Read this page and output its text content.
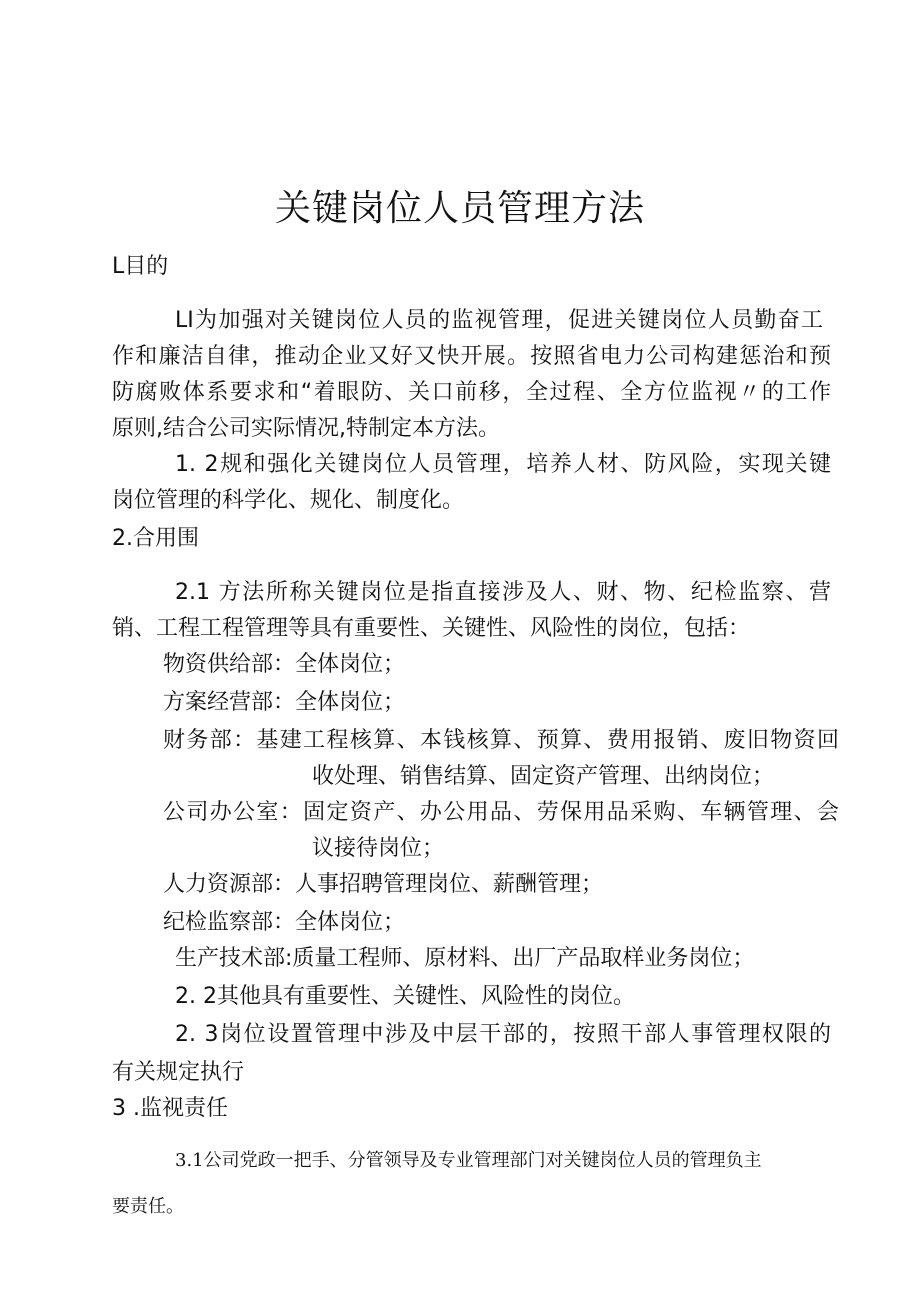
关键岗位人员管理方法
L目的
LI为加强对关键岗位人员的监视管理，促进关键岗位人员勤奋工
作和廉洁自律，推动企业又好又快开展。按照省电力公司构建惩治和预
防腐败体系要求和“着眼防、关口前移，全过程、全方位监视〃的工作
原则,结合公司实际情况,特制定本方法。
1. 2规和强化关键岗位人员管理，培养人材、防风险，实现关键
岗位管理的科学化、规化、制度化。
2.合用围
2.1 方法所称关键岗位是指直接涉及人、财、物、纪检监察、营
销、工程工程管理等具有重要性、关键性、风险性的岗位，包括：
物资供给部：全体岗位；
方案经营部：全体岗位；
财务部：基建工程核算、本钱核算、预算、费用报销、废旧物资回
收处理、销售结算、固定资产管理、出纳岗位；
公司办公室：固定资产、办公用品、劳保用品采购、车辆管理、会
议接待岗位；
人力资源部：人事招聘管理岗位、薪酬管理；
纪检监察部：全体岗位；
生产技术部:质量工程师、原材料、出厂产品取样业务岗位；
2. 2其他具有重要性、关键性、风险性的岗位。
2. 3岗位设置管理中涉及中层干部的，按照干部人事管理权限的
有关规定执行
3 .监视责任
3.1公司党政一把手、分管领导及专业管理部门对关键岗位人员的管理负主
要责任。
